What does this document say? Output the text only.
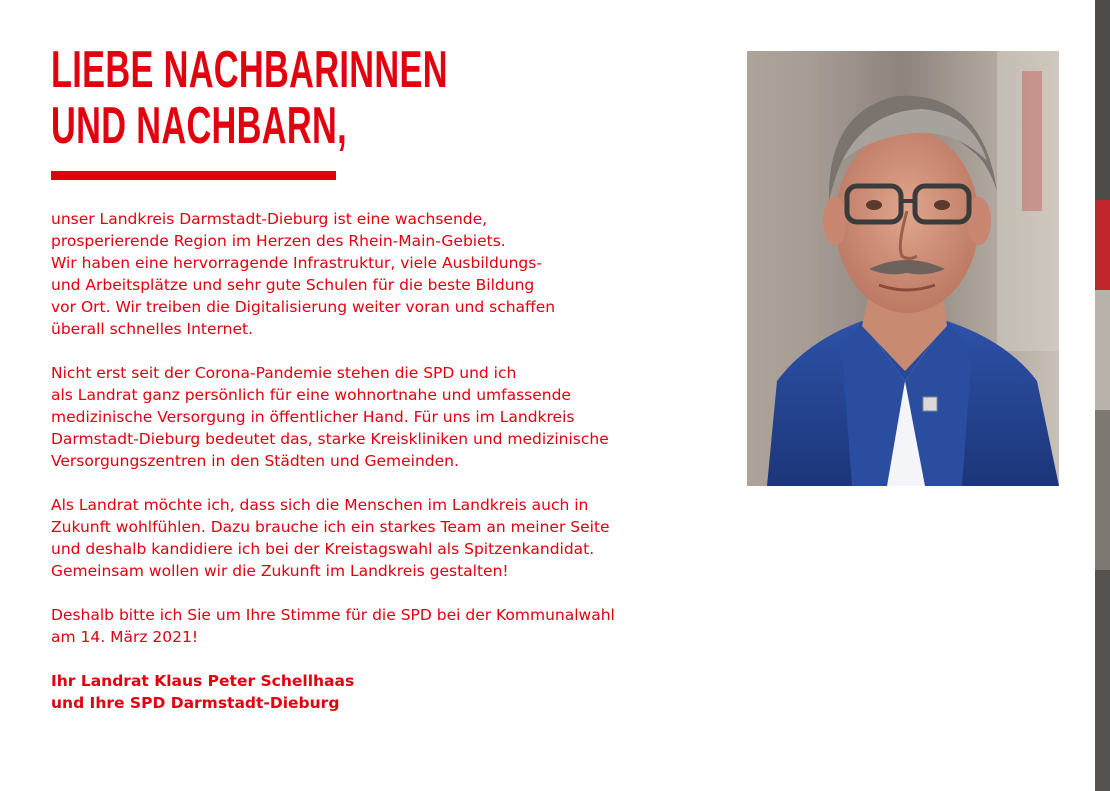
LIEBE NACHBARINNEN
UND NACHBARN,

unser Landkreis Darmstadt-Dieburg ist eine wachsende,
prosperierende Region im Herzen des Rhein-Main-Gebiets.
Wir haben eine hervorragende Infrastruktur, viele Ausbildungs-
und Arbeitsplätze und sehr gute Schulen für die beste Bildung
vor Ort. Wir treiben die Digitalisierung weiter voran und schaffen
überall schnelles Internet.

Nicht erst seit der Corona-Pandemie stehen die SPD und ich
als Landrat ganz persönlich für eine wohnortnahe und umfassende
medizinische Versorgung in öffentlicher Hand. Für uns im Landkreis
Darmstadt-Dieburg bedeutet das, starke Kreiskliniken und medizinische
Versorgungszentren in den Städten und Gemeinden.

Als Landrat möchte ich, dass sich die Menschen im Landkreis auch in
Zukunft wohlfühlen. Dazu brauche ich ein starkes Team an meiner Seite
und deshalb kandidiere ich bei der Kreistagswahl als Spitzenkandidat.
Gemeinsam wollen wir die Zukunft im Landkreis gestalten!

Deshalb bitte ich Sie um Ihre Stimme für die SPD bei der Kommunalwahl
am 14. März 2021!

Ihr Landrat Klaus Peter Schellhaas
und Ihre SPD Darmstadt-Dieburg
